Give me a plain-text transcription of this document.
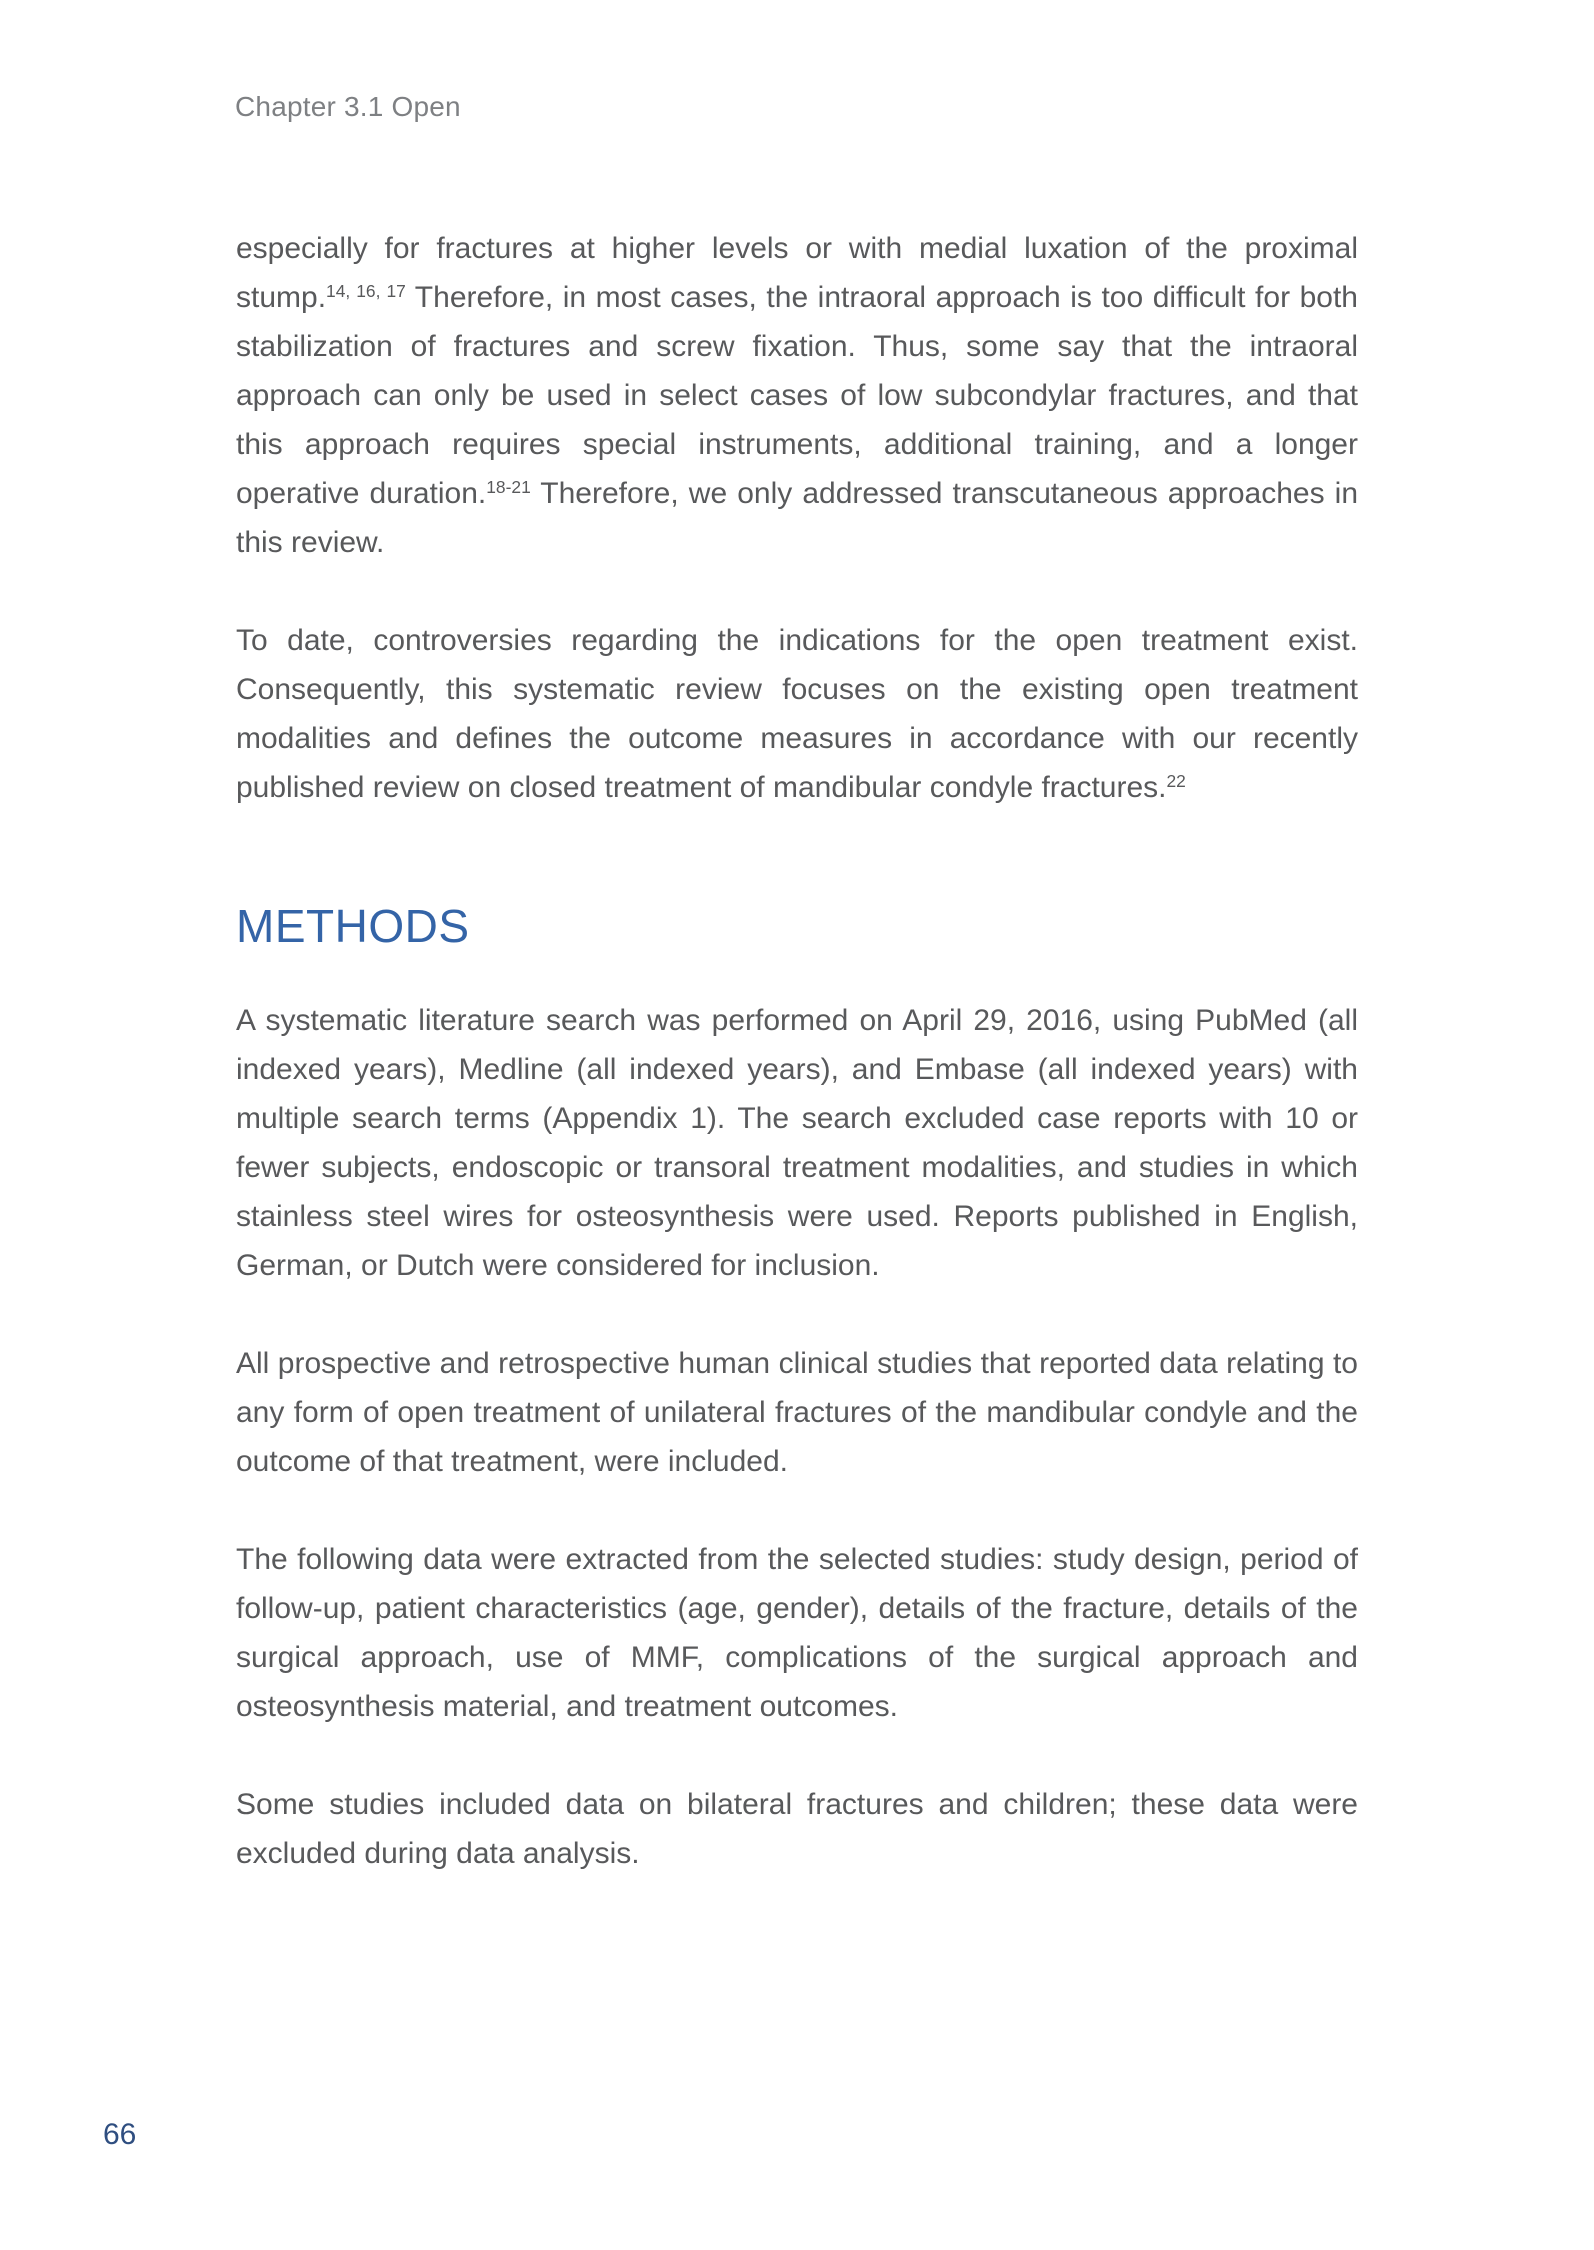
Chapter 3.1 Open

especially for fractures at higher levels or with medial luxation of the proximal stump.$^{14, 16, 17}$ Therefore, in most cases, the intraoral approach is too difficult for both stabilization of fractures and screw fixation. Thus, some say that the intraoral approach can only be used in select cases of low subcondylar fractures, and that this approach requires special instruments, additional training, and a longer operative duration.$^{18-21}$ Therefore, we only addressed transcutaneous approaches in this review.

To date, controversies regarding the indications for the open treatment exist. Consequently, this systematic review focuses on the existing open treatment modalities and defines the outcome measures in accordance with our recently published review on closed treatment of mandibular condyle fractures.$^{22}$

METHODS

A systematic literature search was performed on April 29, 2016, using PubMed (all indexed years), Medline (all indexed years), and Embase (all indexed years) with multiple search terms (Appendix 1). The search excluded case reports with 10 or fewer subjects, endoscopic or transoral treatment modalities, and studies in which stainless steel wires for osteosynthesis were used. Reports published in English, German, or Dutch were considered for inclusion.

All prospective and retrospective human clinical studies that reported data relating to any form of open treatment of unilateral fractures of the mandibular condyle and the outcome of that treatment, were included.

The following data were extracted from the selected studies: study design, period of follow-up, patient characteristics (age, gender), details of the fracture, details of the surgical approach, use of MMF, complications of the surgical approach and osteosynthesis material, and treatment outcomes.

Some studies included data on bilateral fractures and children; these data were excluded during data analysis.

66
